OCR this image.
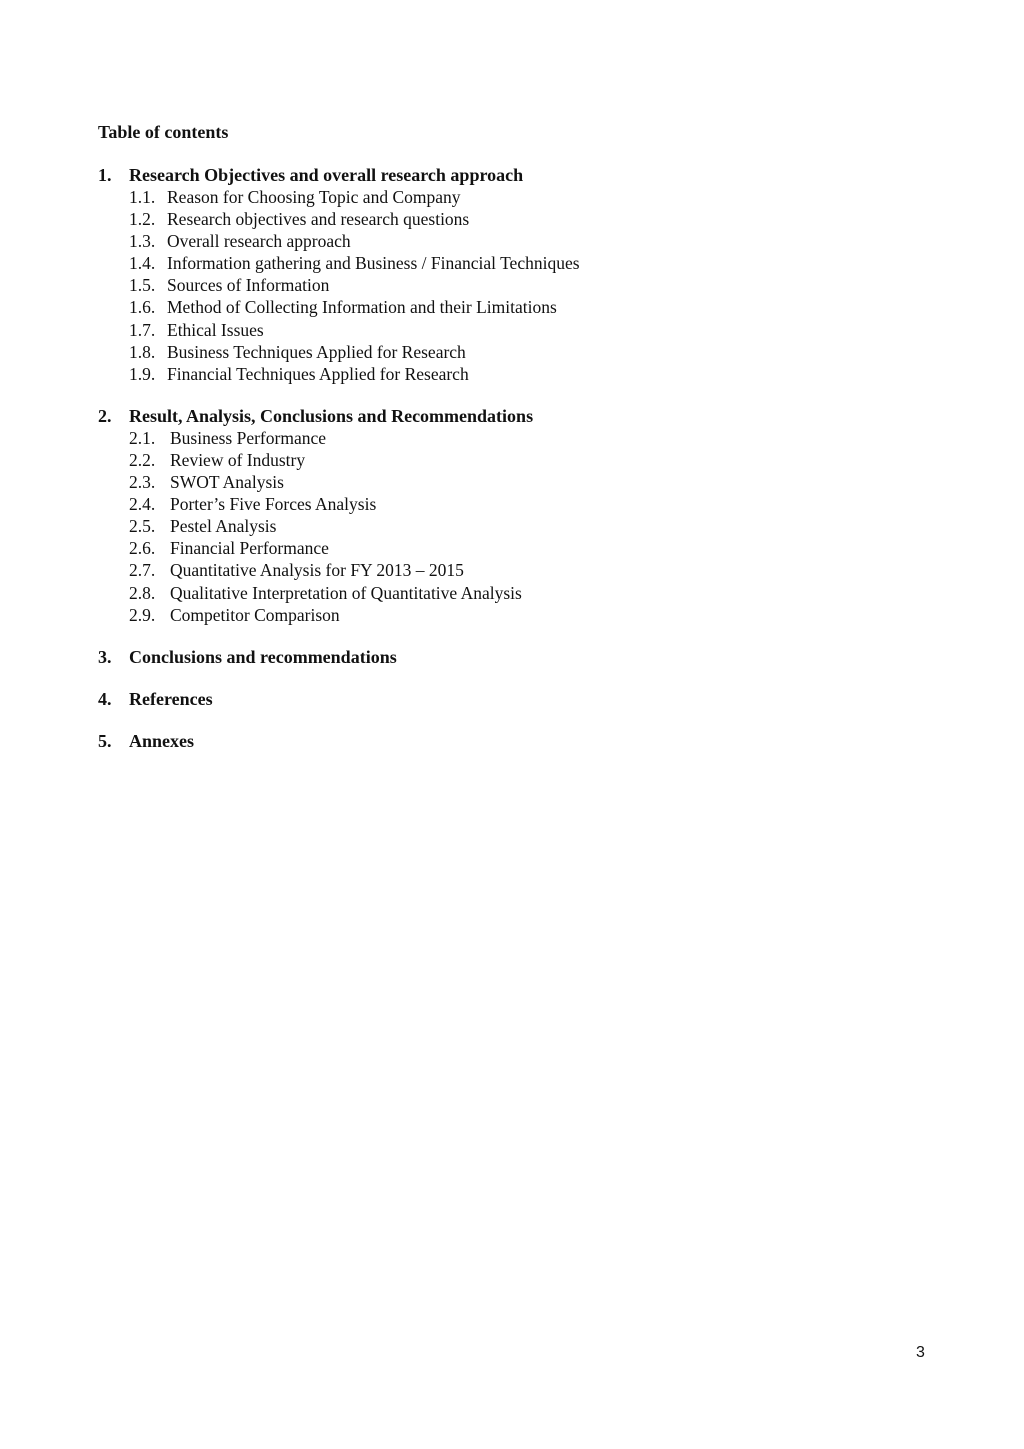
Table of contents
1. Research Objectives and overall research approach
1.1. Reason for Choosing Topic and Company
1.2. Research objectives and research questions
1.3. Overall research approach
1.4. Information gathering and Business / Financial Techniques
1.5. Sources of Information
1.6. Method of Collecting Information and their Limitations
1.7. Ethical Issues
1.8. Business Techniques Applied for Research
1.9. Financial Techniques Applied for Research
2. Result, Analysis, Conclusions and Recommendations
2.1. Business Performance
2.2. Review of Industry
2.3. SWOT Analysis
2.4. Porter’s Five Forces Analysis
2.5. Pestel Analysis
2.6. Financial Performance
2.7. Quantitative Analysis for FY 2013 – 2015
2.8. Qualitative Interpretation of Quantitative Analysis
2.9. Competitor Comparison
3. Conclusions and recommendations
4. References
5. Annexes
3
